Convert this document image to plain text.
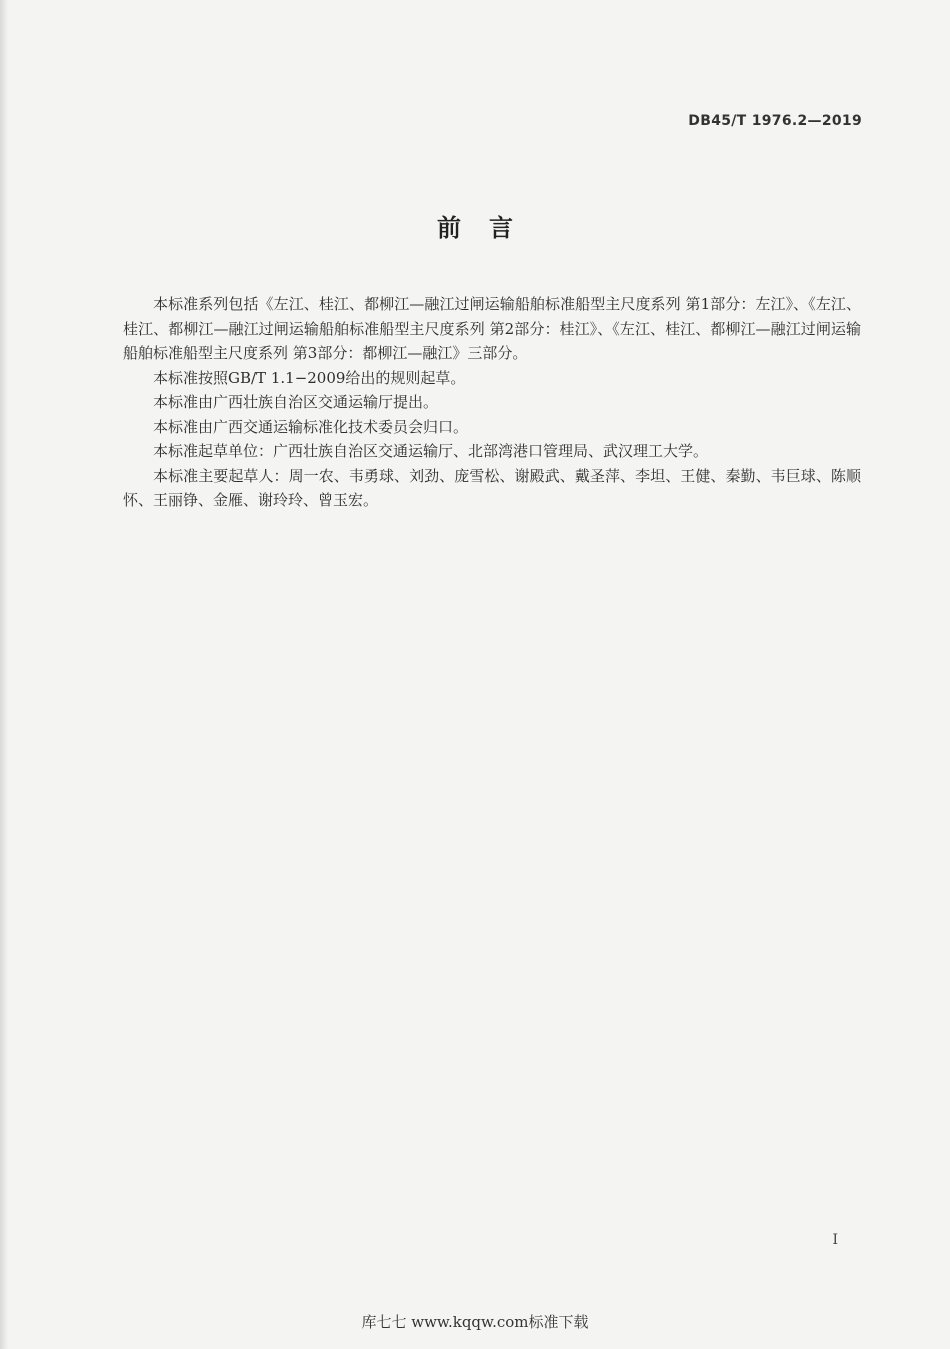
DB45/T 1976.2—2019
前言

本标准系列包括《左江、桂江、都柳江—融江过闸运输船舶标准船型主尺度系列 第1部分：左江》、《左江、桂江、都柳江—融江过闸运输船舶标准船型主尺度系列 第2部分：桂江》、《左江、桂江、都柳江—融江过闸运输船舶标准船型主尺度系列 第3部分：都柳江—融江》三部分。

本标准按照GB/T 1.1−2009给出的规则起草。

本标准由广西壮族自治区交通运输厅提出。

本标准由广西交通运输标准化技术委员会归口。

本标准起草单位：广西壮族自治区交通运输厅、北部湾港口管理局、武汉理工大学。

本标准主要起草人：周一农、韦勇球、刘劲、庞雪松、谢殿武、戴圣萍、李坦、王健、秦勤、韦巨球、陈顺怀、王丽铮、金雁、谢玲玲、曾玉宏。

I
库七七 www.kqqw.com标准下载
